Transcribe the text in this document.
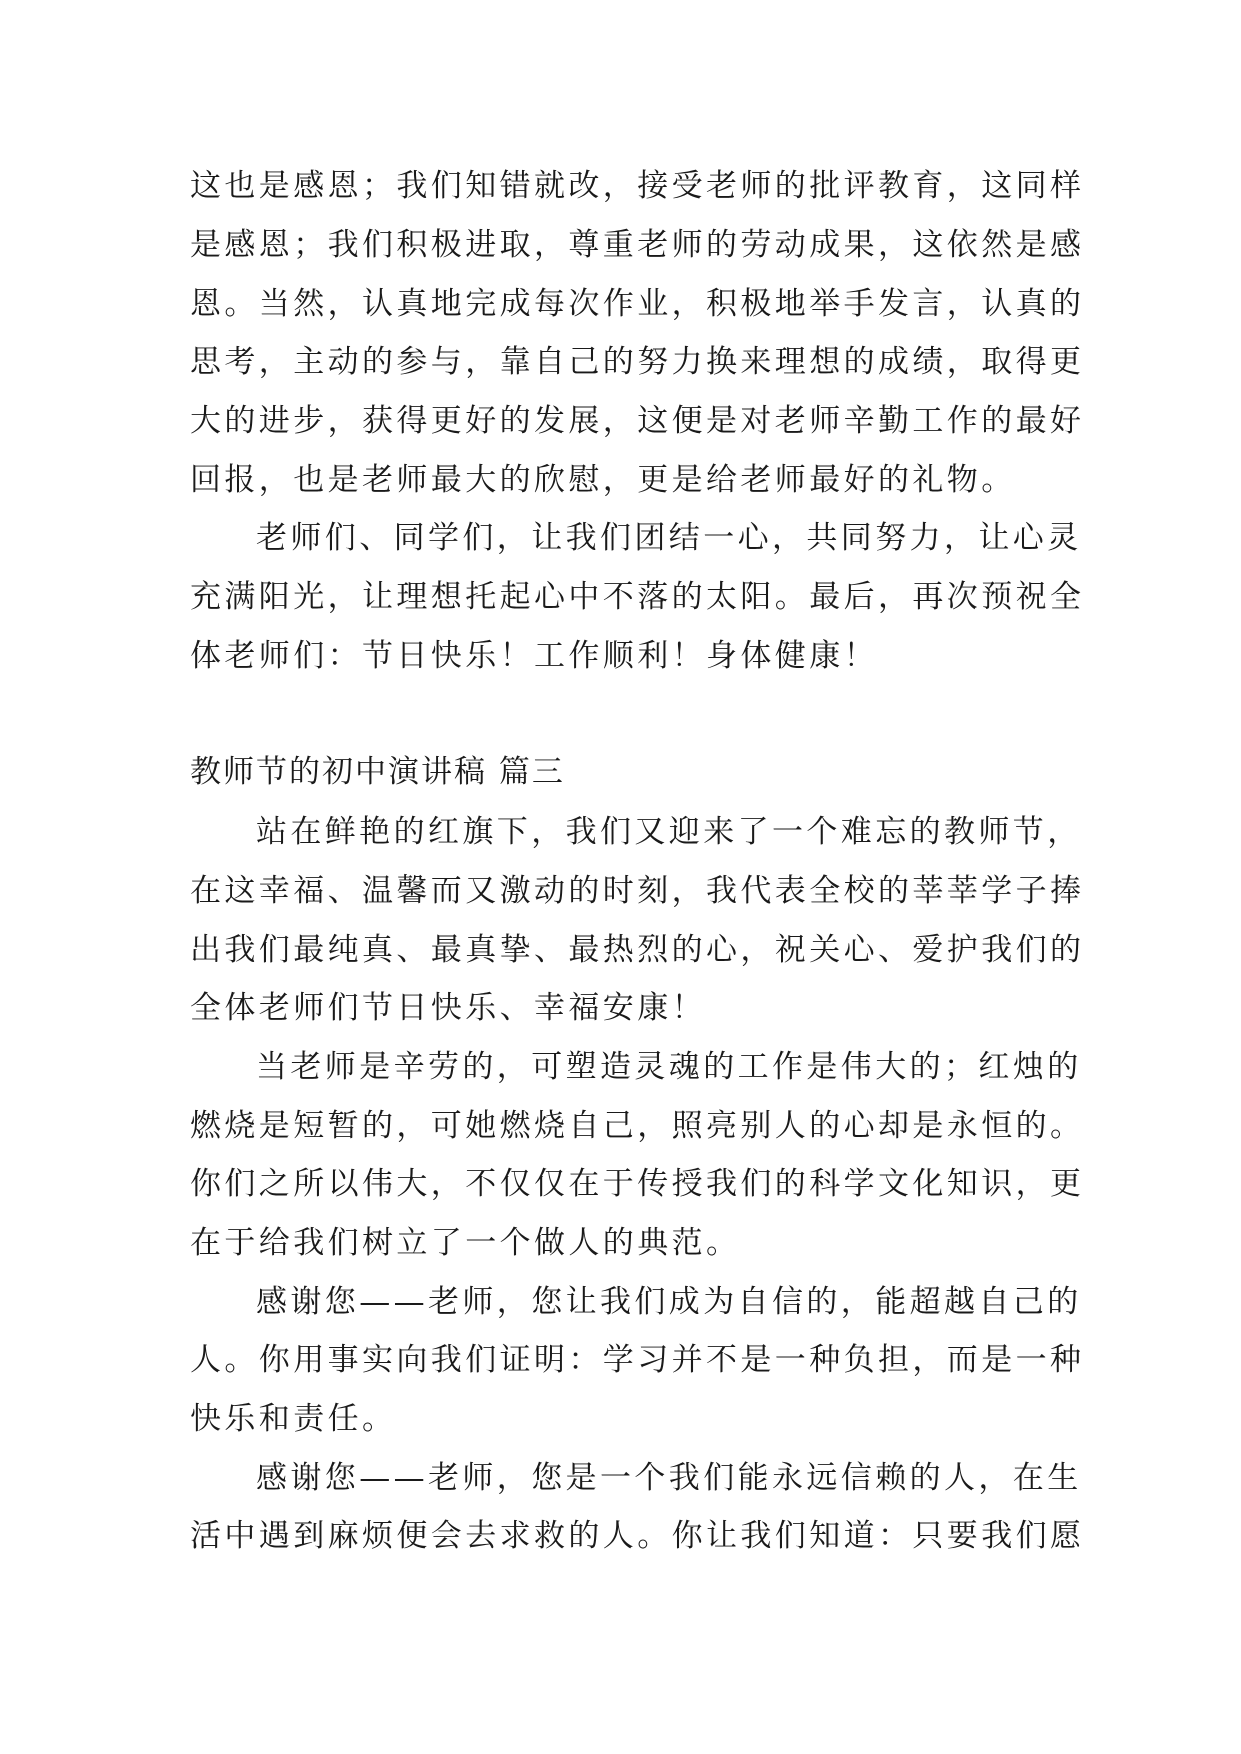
这也是感恩；我们知错就改，接受老师的批评教育，这同样
是感恩；我们积极进取，尊重老师的劳动成果，这依然是感
恩。当然，认真地完成每次作业，积极地举手发言，认真的
思考，主动的参与，靠自己的努力换来理想的成绩，取得更
大的进步，获得更好的发展，这便是对老师辛勤工作的最好
回报，也是老师最大的欣慰，更是给老师最好的礼物。
老师们、同学们，让我们团结一心，共同努力，让心灵
充满阳光，让理想托起心中不落的太阳。最后，再次预祝全
体老师们：节日快乐！工作顺利！身体健康！
教师节的初中演讲稿 篇三
站在鲜艳的红旗下，我们又迎来了一个难忘的教师节，
在这幸福、温馨而又激动的时刻，我代表全校的莘莘学子捧
出我们最纯真、最真挚、最热烈的心，祝关心、爱护我们的
全体老师们节日快乐、幸福安康！
当老师是辛劳的，可塑造灵魂的工作是伟大的；红烛的
燃烧是短暂的，可她燃烧自己，照亮别人的心却是永恒的。
你们之所以伟大，不仅仅在于传授我们的科学文化知识，更
在于给我们树立了一个做人的典范。
感谢您——老师，您让我们成为自信的，能超越自己的
人。你用事实向我们证明：学习并不是一种负担，而是一种
快乐和责任。
感谢您——老师，您是一个我们能永远信赖的人，在生
活中遇到麻烦便会去求救的人。你让我们知道：只要我们愿
